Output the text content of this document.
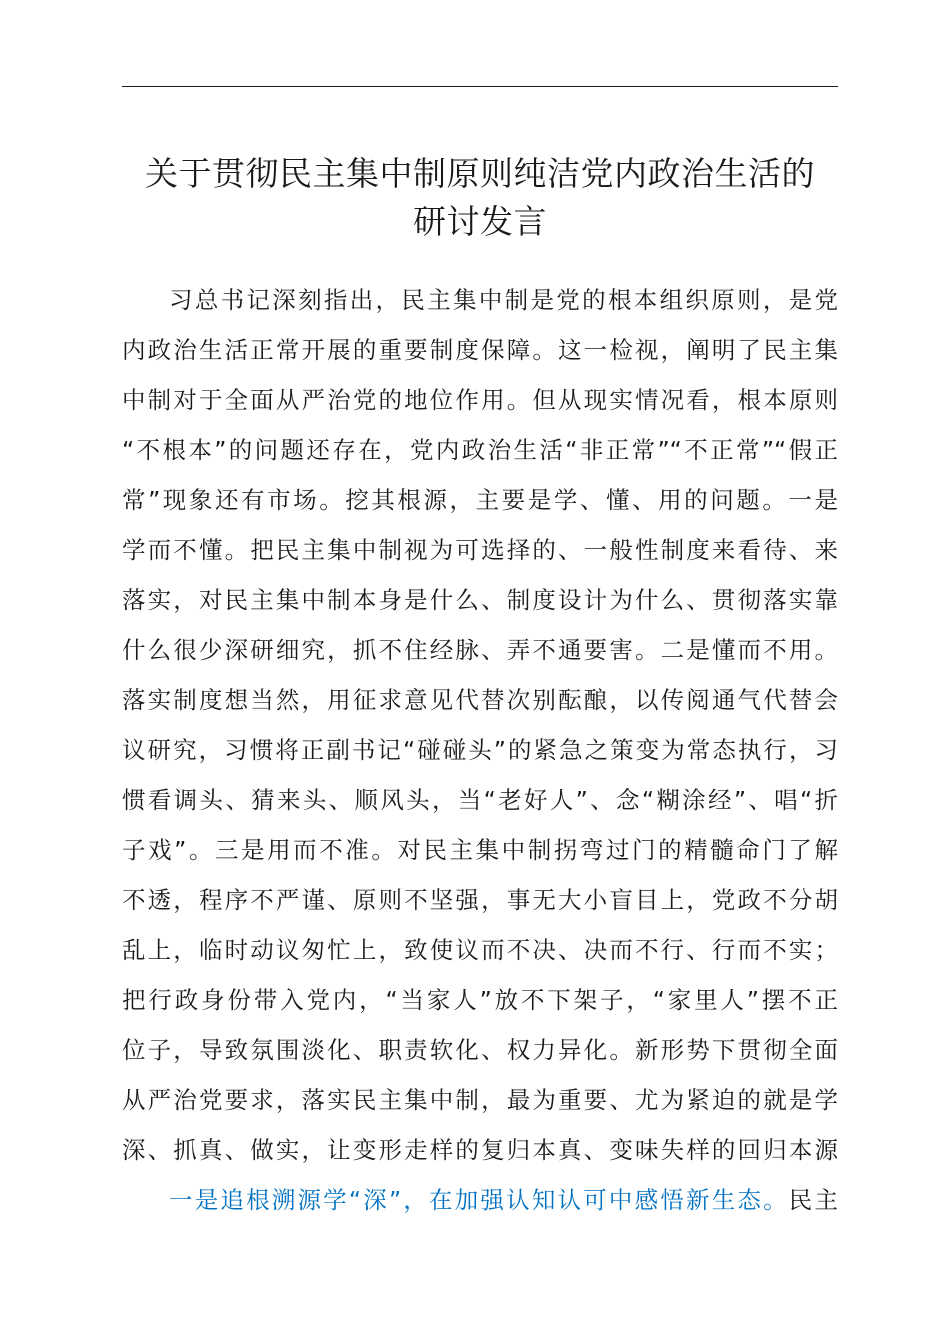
关于贯彻民主集中制原则纯洁党内政治生活的
研讨发言
习总书记深刻指出，民主集中制是党的根本组织原则，是党
内政治生活正常开展的重要制度保障。这一检视，阐明了民主集
中制对于全面从严治党的地位作用。但从现实情况看，根本原则
“不根本”的问题还存在，党内政治生活“非正常”“不正常”“假正
常”现象还有市场。挖其根源，主要是学、懂、用的问题。一是
学而不懂。把民主集中制视为可选择的、一般性制度来看待、来
落实，对民主集中制本身是什么、制度设计为什么、贯彻落实靠
什么很少深研细究，抓不住经脉、弄不通要害。二是懂而不用。
落实制度想当然，用征求意见代替次别酝酿，以传阅通气代替会
议研究，习惯将正副书记“碰碰头”的紧急之策变为常态执行，习
惯看调头、猜来头、顺风头，当“老好人”、念“糊涂经”、唱“折
子戏”。三是用而不准。对民主集中制拐弯过门的精髓命门了解
不透，程序不严谨、原则不坚强，事无大小盲目上，党政不分胡
乱上，临时动议匆忙上，致使议而不决、决而不行、行而不实；
把行政身份带入党内，“当家人”放不下架子，“家里人”摆不正
位子，导致氛围淡化、职责软化、权力异化。新形势下贯彻全面
从严治党要求，落实民主集中制，最为重要、尤为紧迫的就是学
深、抓真、做实，让变形走样的复归本真、变味失样的回归本源
一是追根溯源学“深”，在加强认知认可中感悟新生态。民主
